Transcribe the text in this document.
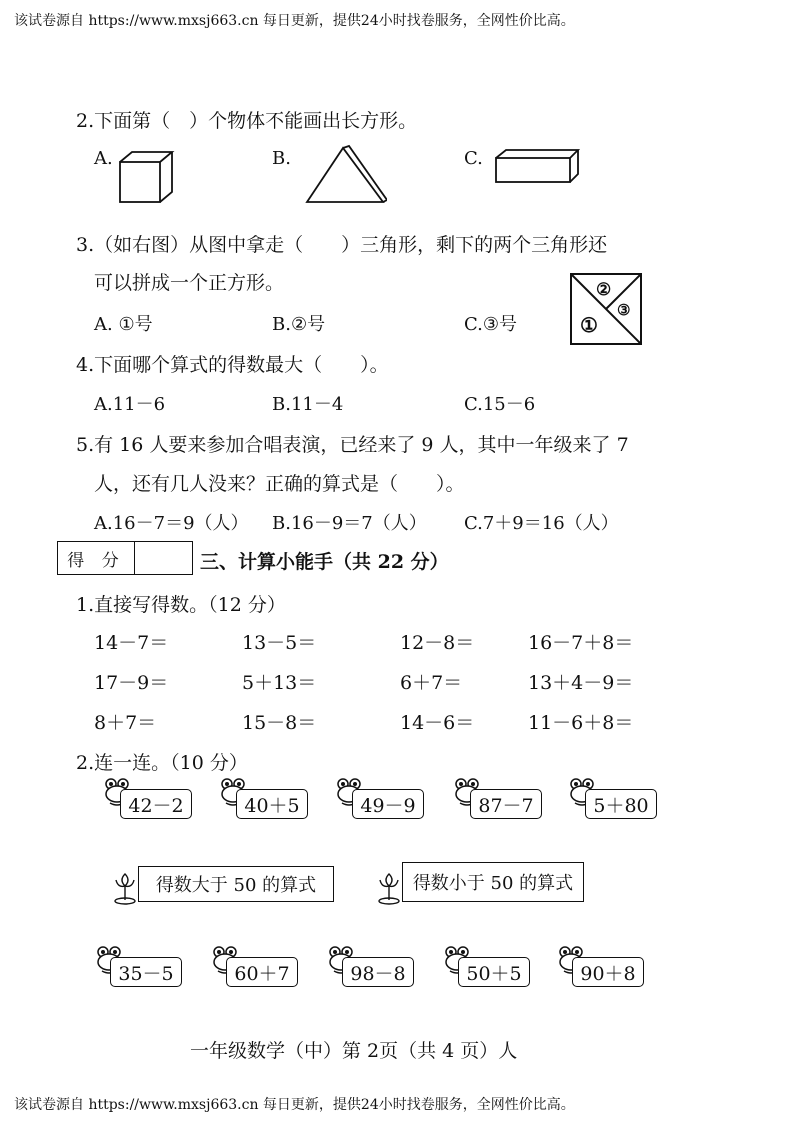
该试卷源自 https://www.mxsj663.cn 每日更新，提供24小时找卷服务，全网性价比高。
2.下面第（　）个物体不能画出长方形。
A.	B.	C.
3.（如右图）从图中拿走（　　）三角形，剩下的两个三角形还
可以拼成一个正方形。
A. ①号	B.②号	C.③号
②
③
①
4.下面哪个算式的得数最大（　　）。
A.11－6	B.11－4	C.15－6
5.有 16 人要来参加合唱表演，已经来了 9 人，其中一年级来了 7
人，还有几人没来？正确的算式是（　　）。
A.16－7＝9（人） B.16－9＝7（人） C.7＋9＝16（人）
得 分	三、计算小能手（共 22 分）
1.直接写得数。（12 分）
14－7＝	13－5＝	12－8＝	16－7＋8＝
17－9＝	5＋13＝	6＋7＝	13＋4－9＝
8＋7＝	15－8＝	14－6＝	11－6＋8＝
2.连一连。（10 分）
42－2	40＋5	49－9	87－7	5＋80
得数大于 50 的算式	得数小于 50 的算式
35－5	60＋7	98－8	50＋5	90＋8
一年级数学（中）第 2页（共 4 页）人
该试卷源自 https://www.mxsj663.cn 每日更新，提供24小时找卷服务，全网性价比高。
